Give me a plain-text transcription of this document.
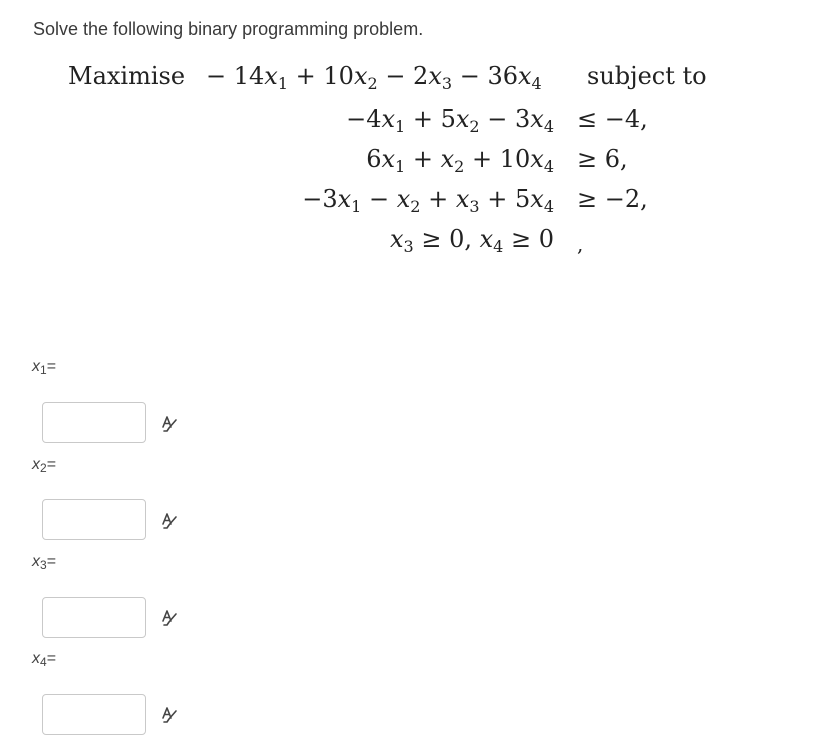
Solve the following binary programming problem.
Maximise − $14x_1 + 10x_2 - 2x_3 - 36x_4$ subject to
$-4x_1 + 5x_2 - 3x_4 \le -4$,
$6x_1 + x_2 + 10x_4 \ge 6$,
$-3x_1 - x_2 + x_3 + 5x_4 \ge -2$,
$x_3 \ge 0$, $x_4 \ge 0$ ,
$x_1=$
$x_2=$
$x_3=$
$x_4=$
